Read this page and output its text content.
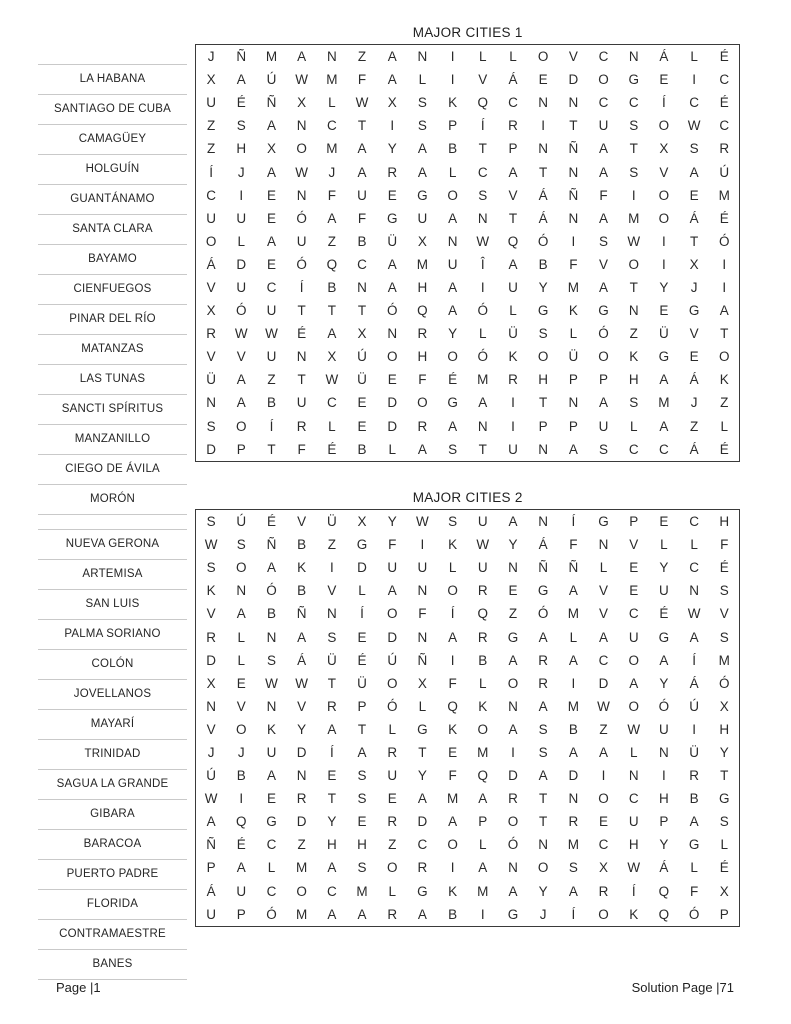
LA HABANA
SANTIAGO DE CUBA
CAMAGÜEY
HOLGUÍN
GUANTÁNAMO
SANTA CLARA
BAYAMO
CIENFUEGOS
PINAR DEL RÍO
MATANZAS
LAS TUNAS
SANCTI SPÍRITUS
MANZANILLO
CIEGO DE ÁVILA
MORÓN
MAJOR CITIES 1
J	Ñ	M	A	N	Z	A	N	I	L	L	O	V	C	N	Á	L	É
X	A	Ú	W	M	F	A	L	I	V	Á	E	D	O	G	E	I	C
U	É	Ñ	X	L	W	X	S	K	Q	C	N	N	C	C	Í	C	É
Z	S	A	N	C	T	I	S	P	Í	R	I	T	U	S	O	W	C
Z	H	X	O	M	A	Y	A	B	T	P	N	Ñ	A	T	X	S	R
Í	J	A	W	J	A	R	A	L	C	A	T	N	A	S	V	A	Ú
C	I	E	N	F	U	E	G	O	S	V	Á	Ñ	F	I	O	E	M
U	U	E	Ó	A	F	G	U	A	N	T	Á	N	A	M	O	Á	É
O	L	A	U	Z	B	Ü	X	N	W	Q	Ó	I	S	W	I	T	Ó
Á	D	E	Ó	Q	C	A	M	U	Î	A	B	F	V	O	I	X	I
V	U	C	Í	B	N	A	H	A	I	U	Y	M	A	T	Y	J	I
X	Ó	U	T	T	T	Ó	Q	A	Ó	L	G	K	G	N	E	G	A
R	W	W	É	A	X	N	R	Y	L	Ü	S	L	Ó	Z	Ü	V	T
V	V	U	N	X	Ú	O	H	O	Ó	K	O	Ü	O	K	G	E	O
Ü	A	Z	T	W	Ü	E	F	É	M	R	H	P	P	H	A	Á	K
N	A	B	U	C	E	D	O	G	A	I	T	N	A	S	M	J	Z
S	O	Í	R	L	E	D	R	A	N	I	P	P	U	L	A	Z	L
D	P	T	F	É	B	L	A	S	T	U	N	A	S	C	C	Á	É
NUEVA GERONA
ARTEMISA
SAN LUIS
PALMA SORIANO
COLÓN
JOVELLANOS
MAYARÍ
TRINIDAD
SAGUA LA GRANDE
GIBARA
BARACOA
PUERTO PADRE
FLORIDA
CONTRAMAESTRE
BANES
MAJOR CITIES 2
S	Ú	É	V	Ü	X	Y	W	S	U	A	N	Í	G	P	E	C	H
W	S	Ñ	B	Z	G	F	I	K	W	Y	Á	F	N	V	L	L	F
S	O	A	K	I	D	U	U	L	U	N	Ñ	Ñ	L	E	Y	C	É
K	N	Ó	B	V	L	A	N	O	R	E	G	A	V	E	U	N	S
V	A	B	Ñ	N	Í	O	F	Í	Q	Z	Ó	M	V	C	É	W	V
R	L	N	A	S	E	D	N	A	R	G	A	L	A	U	G	A	S
D	L	S	Á	Ü	É	Ú	Ñ	I	B	A	R	A	C	O	A	Í	M
X	E	W	W	T	Ü	O	X	F	L	O	R	I	D	A	Y	Á	Ó
N	V	N	V	R	P	Ó	L	Q	K	N	A	M	W	O	Ó	Ú	X
V	O	K	Y	A	T	L	G	K	O	A	S	B	Z	W	U	I	H
J	J	U	D	Í	A	R	T	E	M	I	S	A	A	L	N	Ü	Y
Ú	B	A	N	E	S	U	Y	F	Q	D	A	D	I	N	I	R	T
W	I	E	R	T	S	E	A	M	A	R	T	N	O	C	H	B	G
A	Q	G	D	Y	E	R	D	A	P	O	T	R	E	U	P	A	S
Ñ	É	C	Z	H	H	Z	C	O	L	Ó	N	M	C	H	Y	G	L
P	A	L	M	A	S	O	R	I	A	N	O	S	X	W	Á	L	É
Á	U	C	O	C	M	L	G	K	M	A	Y	A	R	Í	Q	F	X
U	P	Ó	M	A	A	R	A	B	I	G	J	Í	O	K	Q	Ó	P
Page |1	Solution Page |71
